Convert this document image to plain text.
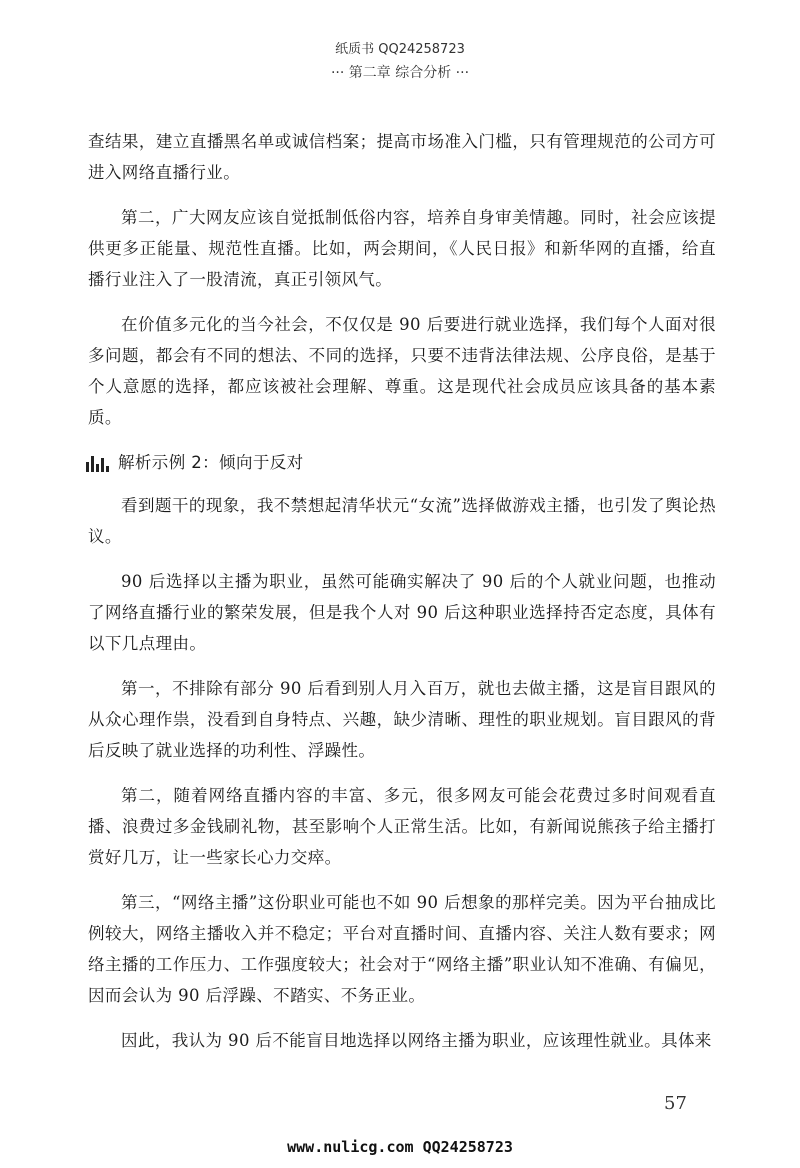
纸质书 QQ24258723
··· 第二章 综合分析 ···

查结果，建立直播黑名单或诚信档案；提高市场准入门槛，只有管理规范的公司方可进入网络直播行业。

第二，广大网友应该自觉抵制低俗内容，培养自身审美情趣。同时，社会应该提供更多正能量、规范性直播。比如，两会期间，《人民日报》和新华网的直播，给直播行业注入了一股清流，真正引领风气。

在价值多元化的当今社会，不仅仅是 90 后要进行就业选择，我们每个人面对很多问题，都会有不同的想法、不同的选择，只要不违背法律法规、公序良俗，是基于个人意愿的选择，都应该被社会理解、尊重。这是现代社会成员应该具备的基本素质。

解析示例 2：倾向于反对

看到题干的现象，我不禁想起清华状元“女流”选择做游戏主播，也引发了舆论热议。

90 后选择以主播为职业，虽然可能确实解决了 90 后的个人就业问题，也推动了网络直播行业的繁荣发展，但是我个人对 90 后这种职业选择持否定态度，具体有以下几点理由。

第一，不排除有部分 90 后看到别人月入百万，就也去做主播，这是盲目跟风的从众心理作祟，没看到自身特点、兴趣，缺少清晰、理性的职业规划。盲目跟风的背后反映了就业选择的功利性、浮躁性。

第二，随着网络直播内容的丰富、多元，很多网友可能会花费过多时间观看直播、浪费过多金钱刷礼物，甚至影响个人正常生活。比如，有新闻说熊孩子给主播打赏好几万，让一些家长心力交瘁。

第三，“网络主播”这份职业可能也不如 90 后想象的那样完美。因为平台抽成比例较大，网络主播收入并不稳定；平台对直播时间、直播内容、关注人数有要求；网络主播的工作压力、工作强度较大；社会对于“网络主播”职业认知不准确、有偏见，因而会认为 90 后浮躁、不踏实、不务正业。

因此，我认为 90 后不能盲目地选择以网络主播为职业，应该理性就业。具体来

57
www.nulicg.com QQ24258723
